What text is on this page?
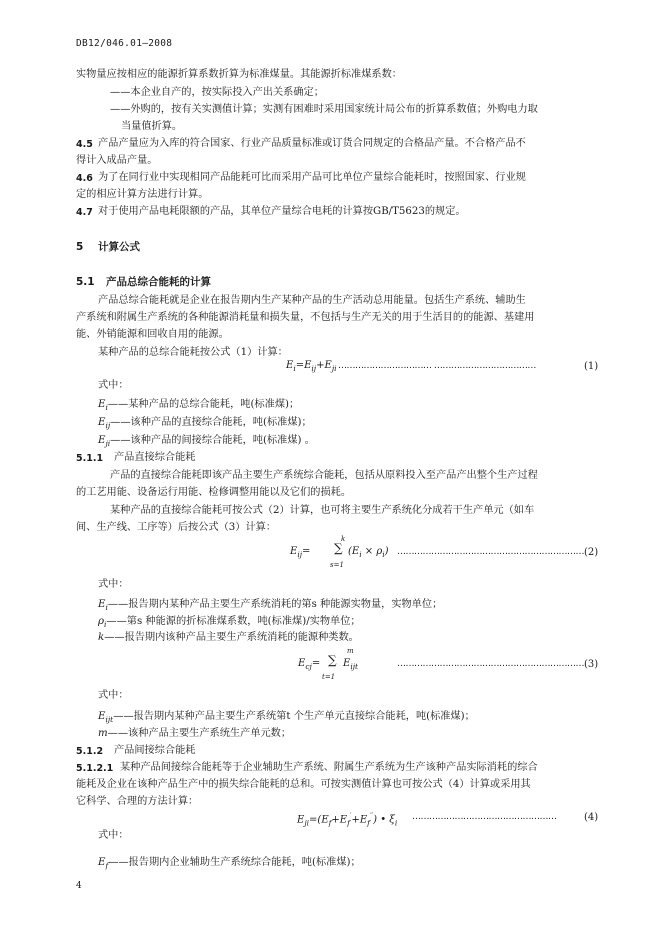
DB12/046.01—2008
实物量应按相应的能源折算系数折算为标准煤量。其能源折标准煤系数：
——本企业自产的，按实际投入产出关系确定；
——外购的，按有关实测值计算；实测有困难时采用国家统计局公布的折算系数值；外购电力取
当量值折算。
4.5 产品产量应为入库的符合国家、行业产品质量标准或订货合同规定的合格品产量。不合格产品不
得计入成品产量。
4.6 为了在同行业中实现相同产品能耗可比而采用产品可比单位产量综合能耗时，按照国家、行业规
定的相应计算方法进行计算。
4.7 对于使用产品电耗限额的产品，其单位产量综合电耗的计算按GB/T5623的规定。
5 计算公式
5.1 产品总综合能耗的计算
产品总综合能耗就是企业在报告期内生产某种产品的生产活动总用能量。包括生产系统、辅助生
产系统和附属生产系统的各种能源消耗量和损失量，不包括与生产无关的用于生活目的的能源、基建用
能、外销能源和回收自用的能源。
某种产品的总综合能耗按公式（1）计算：
$E_i=E_{ij}+E_{ji}$ …………………………… ………………………………	(1)
式中：
$E_i——$某种产品的总综合能耗，吨(标准煤)；
$E_{ij}——$该种产品的直接综合能耗，吨(标准煤)；
$E_{ji}——$该种产品的间接综合能耗，吨(标准煤) 。
5.1.1 产品直接综合能耗
产品的直接综合能耗即该产品主要生产系统综合能耗，包括从原料投入至产品产出整个生产过程
的工艺用能、设备运行用能、检修调整用能以及它们的损耗。
某种产品的直接综合能耗可按公式（2）计算，也可将主要生产系统化分成若干生产单元（如车
间、生产线、工序等）后按公式（3）计算：
$E_{ij}=$
k
∑
s=1
$(E_i \times \rho_i)$ ………………………………………………………… (2)
式中：
$E_i——$报告期内某种产品主要生产系统消耗的第s 种能源实物量，实物单位；
$\rho_i——$第s 种能源的折标准煤系数，吨(标准煤)/实物单位；
k——报告期内该种产品主要生产系统消耗的能源种类数。
$E_{cj}=$
m
∑
t=1
$E_{ijt}$	………………………………………………………… (3)
式中：
$E_{ijt}——$报告期内某种产品主要生产系统第t 个生产单元直接综合能耗，吨(标准煤)；
m——该种产品主要生产系统生产单元数；
5.1.2 产品间接综合能耗
5.1.2.1 某种产品间接综合能耗等于企业辅助生产系统、附属生产系统为生产该种产品实际消耗的综合
能耗及企业在该种产品生产中的损失综合能耗的总和。可按实测值计算也可按公式（4）计算或采用其
它科学、合理的方法计算：
$E_{ji}=(E_f+E_f'+E_f'')$ • $\xi_i$
……………………………………………	(4)
式中：
$E_f——$报告期内企业辅助生产系统综合能耗，吨(标准煤)；
4
